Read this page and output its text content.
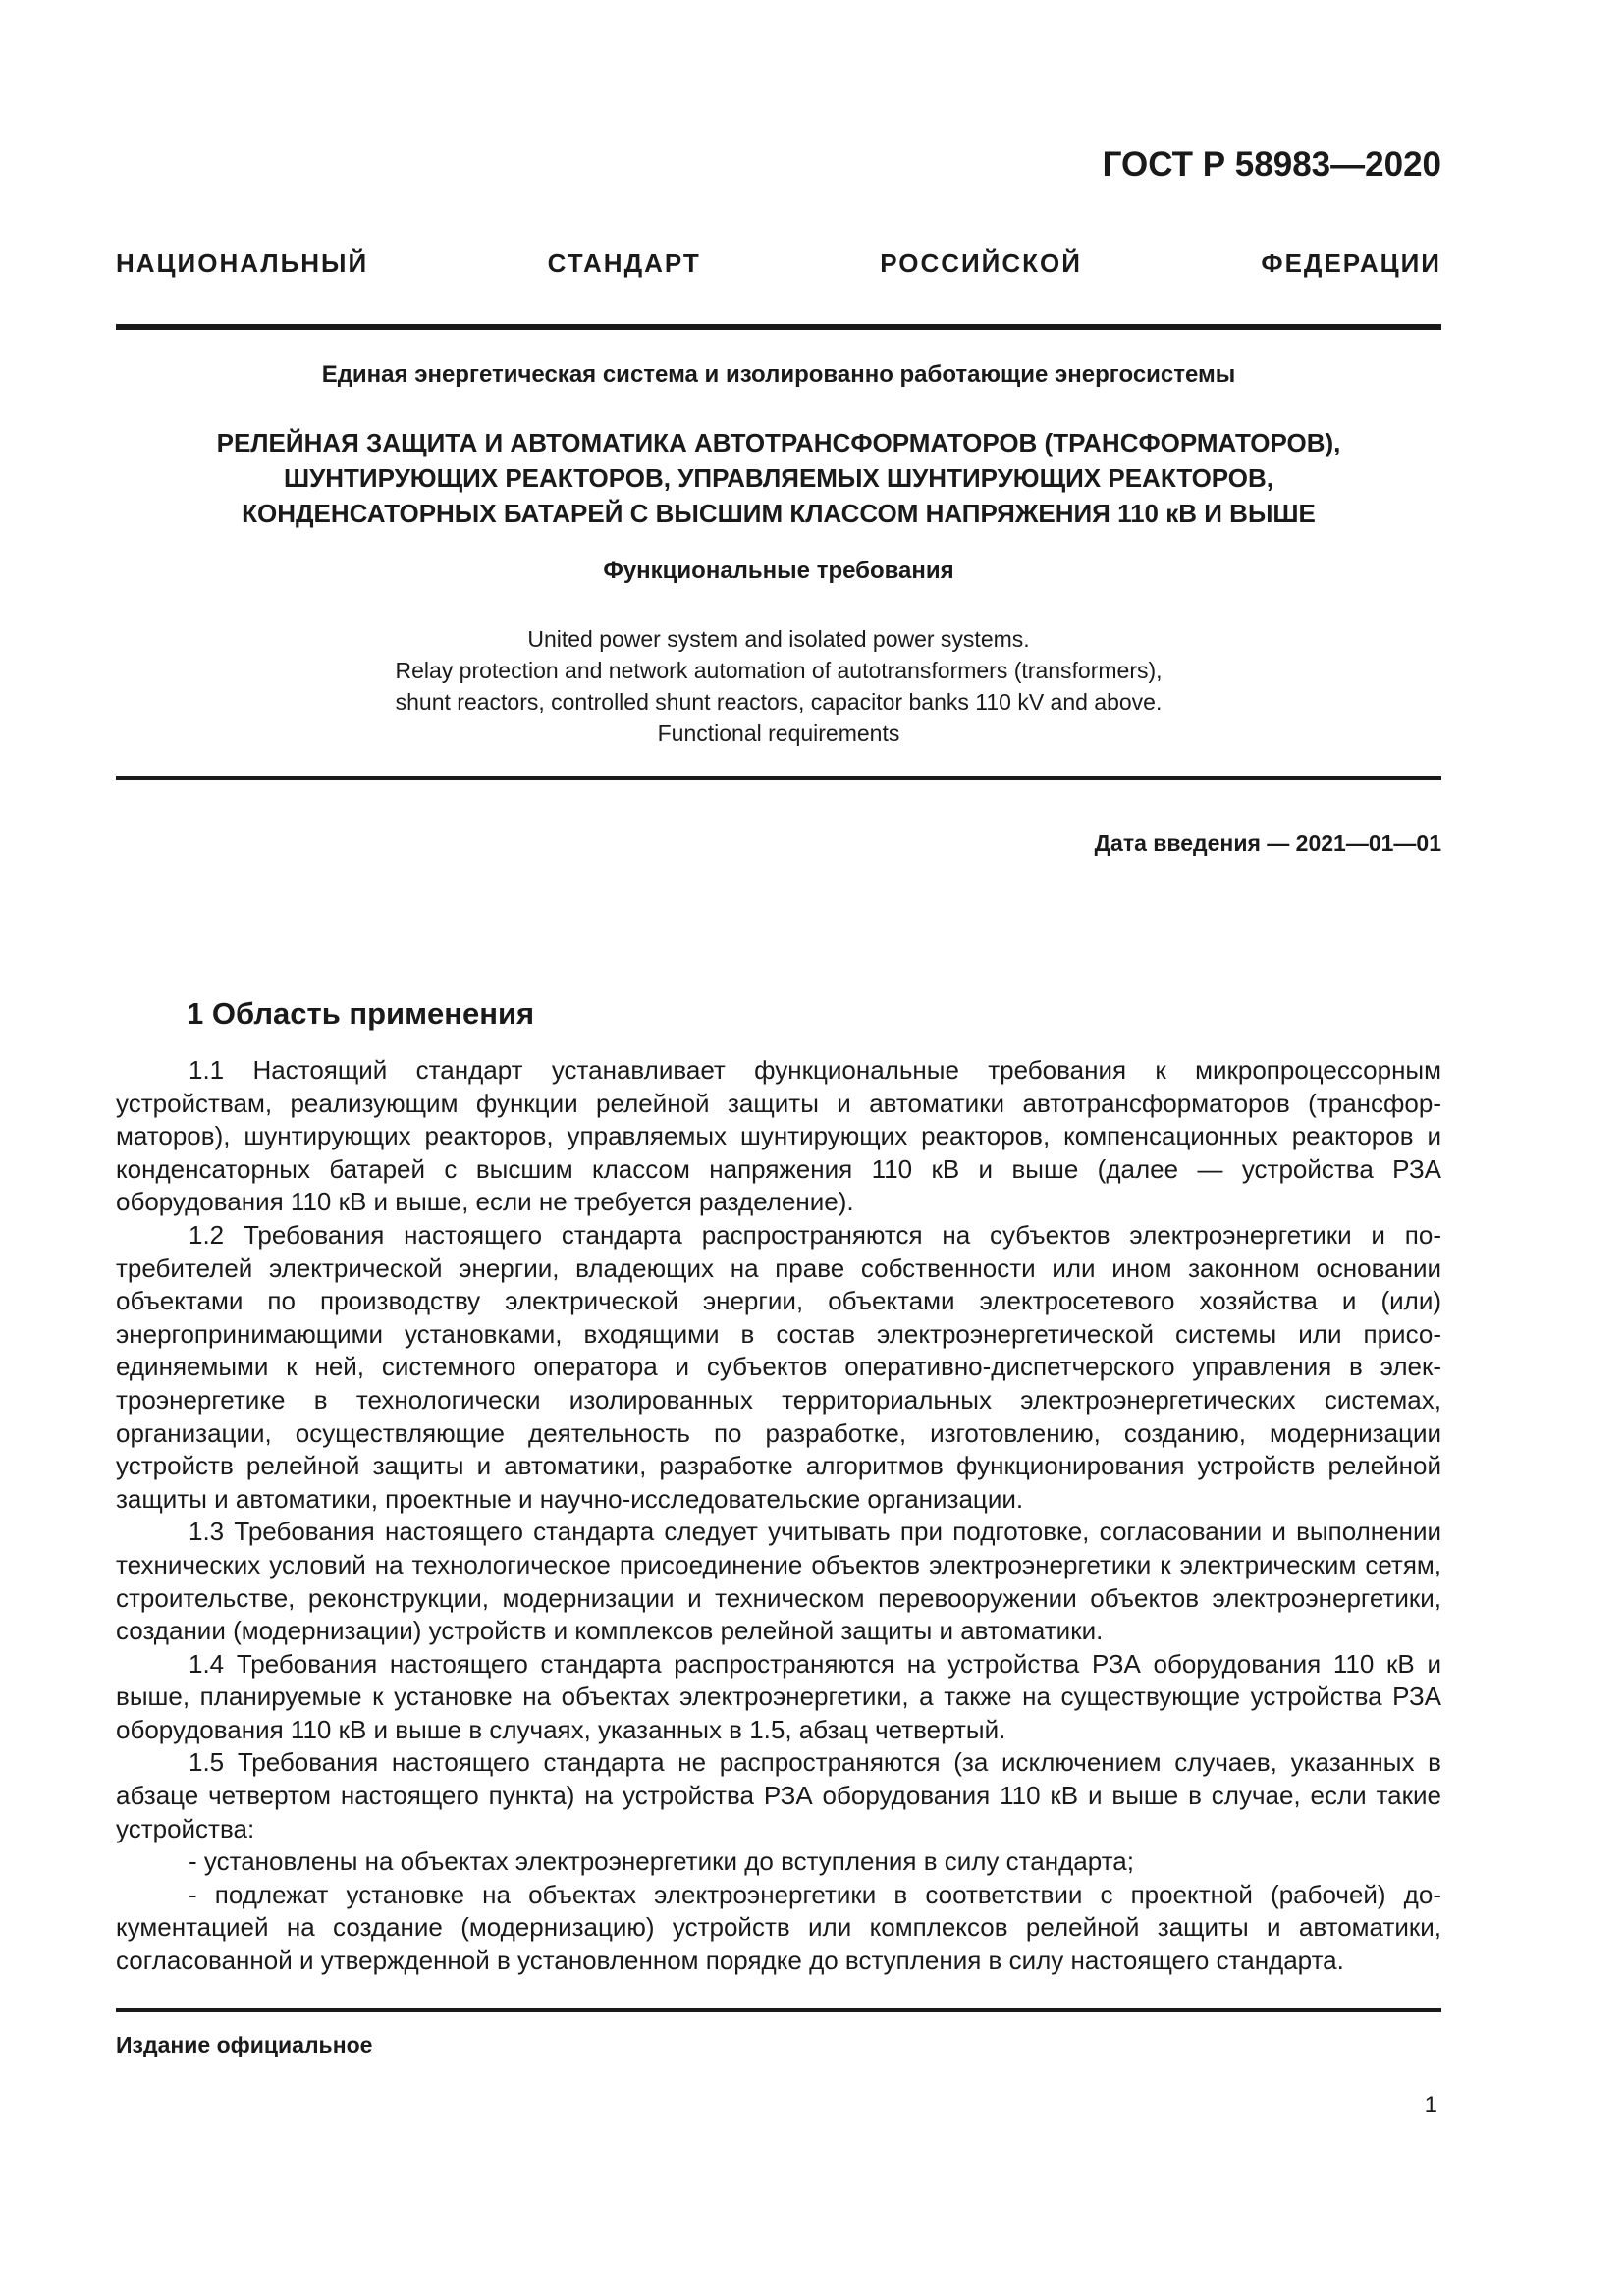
ГОСТ Р 58983—2020
НАЦИОНАЛЬНЫЙ СТАНДАРТ РОССИЙСКОЙ ФЕДЕРАЦИИ
Единая энергетическая система и изолированно работающие энергосистемы
РЕЛЕЙНАЯ ЗАЩИТА И АВТОМАТИКА АВТОТРАНСФОРМАТОРОВ (ТРАНСФОРМАТОРОВ),
ШУНТИРУЮЩИХ РЕАКТОРОВ, УПРАВЛЯЕМЫХ ШУНТИРУЮЩИХ РЕАКТОРОВ,
КОНДЕНСАТОРНЫХ БАТАРЕЙ С ВЫСШИМ КЛАССОМ НАПРЯЖЕНИЯ 110 кВ И ВЫШЕ
Функциональные требования
United power system and isolated power systems.
Relay protection and network automation of autotransformers (transformers),
shunt reactors, controlled shunt reactors, capacitor banks 110 kV and above.
Functional requirements
Дата введения — 2021—01—01
1 Область применения

1.1 Настоящий стандарт устанавливает функциональные требования к микропроцессорным устройствам, реализующим функции релейной защиты и автоматики автотрансформаторов (трансформаторов), шунтирующих реакторов, управляемых шунтирующих реакторов, компенсационных реакторов и конденсаторных батарей с высшим классом напряжения 110 кВ и выше (далее — устройства РЗА оборудования 110 кВ и выше, если не требуется разделение).

1.2 Требования настоящего стандарта распространяются на субъектов электроэнергетики и потребителей электрической энергии, владеющих на праве собственности или ином законном основании объектами по производству электрической энергии, объектами электросетевого хозяйства и (или) энергопринимающими установками, входящими в состав электроэнергетической системы или присоединяемыми к ней, системного оператора и субъектов оперативно-диспетчерского управления в электроэнергетике в технологически изолированных территориальных электроэнергетических системах, организации, осуществляющие деятельность по разработке, изготовлению, созданию, модернизации устройств релейной защиты и автоматики, разработке алгоритмов функционирования устройств релейной защиты и автоматики, проектные и научно-исследовательские организации.

1.3 Требования настоящего стандарта следует учитывать при подготовке, согласовании и выполнении технических условий на технологическое присоединение объектов электроэнергетики к электрическим сетям, строительстве, реконструкции, модернизации и техническом перевооружении объектов электроэнергетики, создании (модернизации) устройств и комплексов релейной защиты и автоматики.

1.4 Требования настоящего стандарта распространяются на устройства РЗА оборудования 110 кВ и выше, планируемые к установке на объектах электроэнергетики, а также на существующие устройства РЗА оборудования 110 кВ и выше в случаях, указанных в 1.5, абзац четвертый.

1.5 Требования настоящего стандарта не распространяются (за исключением случаев, указанных в абзаце четвертом настоящего пункта) на устройства РЗА оборудования 110 кВ и выше в случае, если такие устройства:

- установлены на объектах электроэнергетики до вступления в силу стандарта;

- подлежат установке на объектах электроэнергетики в соответствии с проектной (рабочей) документацией на создание (модернизацию) устройств или комплексов релейной защиты и автоматики, согласованной и утвержденной в установленном порядке до вступления в силу настоящего стандарта.

Издание официальное
1
